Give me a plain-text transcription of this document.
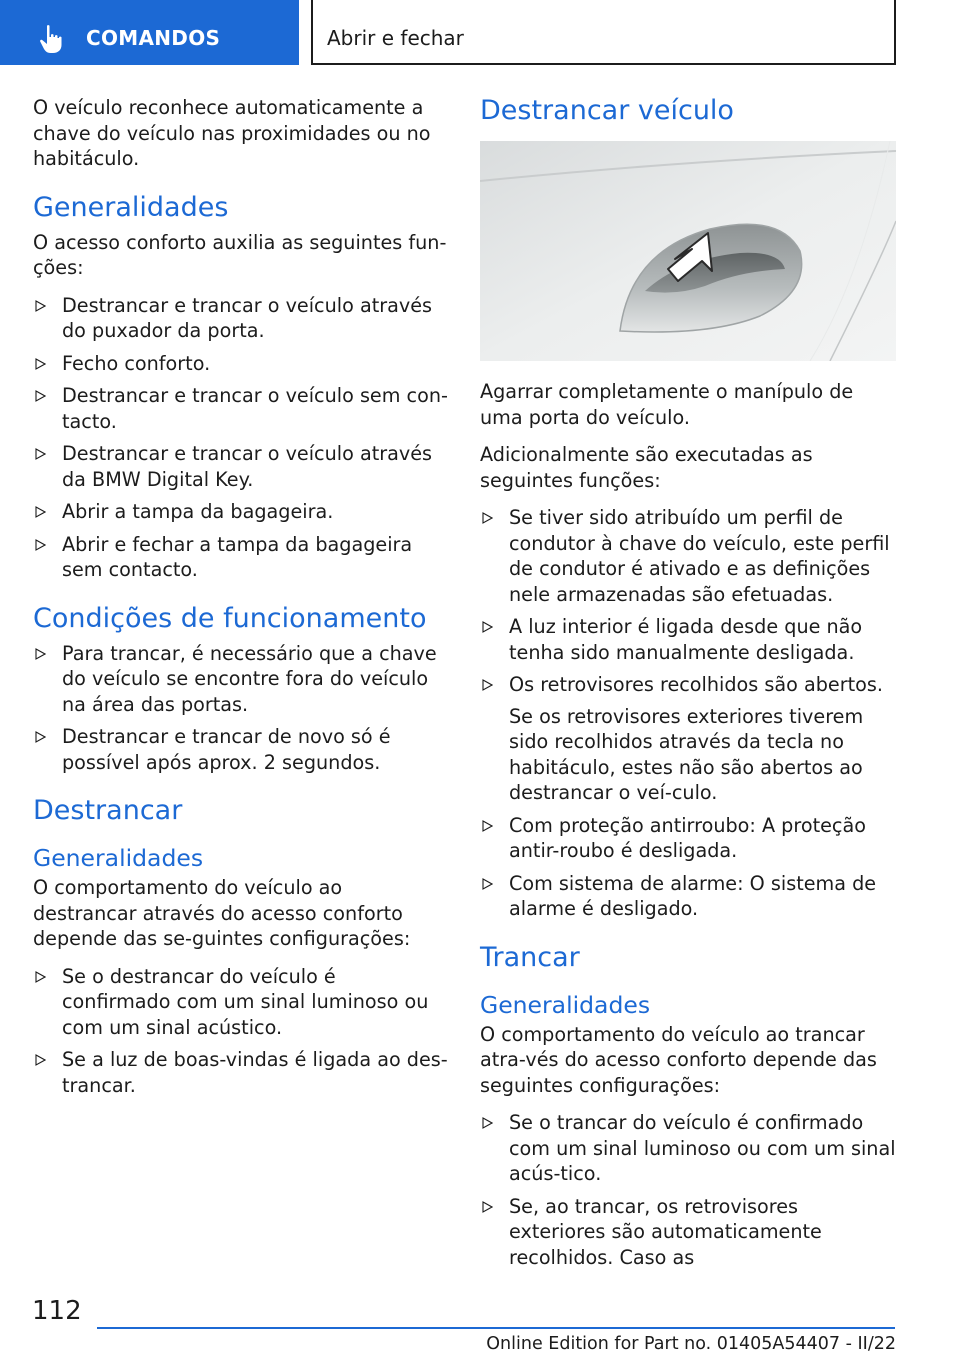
COMANDOS	Abrir e fechar

O veículo reconhece automaticamente a chave do veículo nas proximidades ou no habitáculo.

Generalidades

O acesso conforto auxilia as seguintes fun-ções:

Destrancar e trancar o veículo através do puxador da porta.
Fecho conforto.
Destrancar e trancar o veículo sem con-tacto.
Destrancar e trancar o veículo através da BMW Digital Key.
Abrir a tampa da bagageira.
Abrir e fechar a tampa da bagageira sem contacto.
Condições de funcionamento
Para trancar, é necessário que a chave do veículo se encontre fora do veículo na área das portas.
Destrancar e trancar de novo só é possível após aprox. 2 segundos.
Destrancar
Generalidades

O comportamento do veículo ao destrancar através do acesso conforto depende das se-guintes configurações:

Se o destrancar do veículo é confirmado com um sinal luminoso ou com um sinal acústico.
Se a luz de boas-vindas é ligada ao des-trancar.
Destrancar veículo

Agarrar completamente o manípulo de uma porta do veículo.

Adicionalmente são executadas as seguintes funções:

Se tiver sido atribuído um perfil de condutor à chave do veículo, este perfil de condutor é ativado e as definições nele armazenadas são efetuadas.
A luz interior é ligada desde que não tenha sido manualmente desligada.
Os retrovisores recolhidos são abertos.
Se os retrovisores exteriores tiverem sido recolhidos através da tecla no habitáculo, estes não são abertos ao destrancar o veí-culo.
Com proteção antirroubo: A proteção antir-roubo é desligada.
Com sistema de alarme: O sistema de alarme é desligado.
Trancar
Generalidades

O comportamento do veículo ao trancar atra-vés do acesso conforto depende das seguintes configurações:

Se o trancar do veículo é confirmado com um sinal luminoso ou com um sinal acús-tico.
Se, ao trancar, os retrovisores exteriores são automaticamente recolhidos. Caso as
112
Online Edition for Part no. 01405A54407 - II/22
